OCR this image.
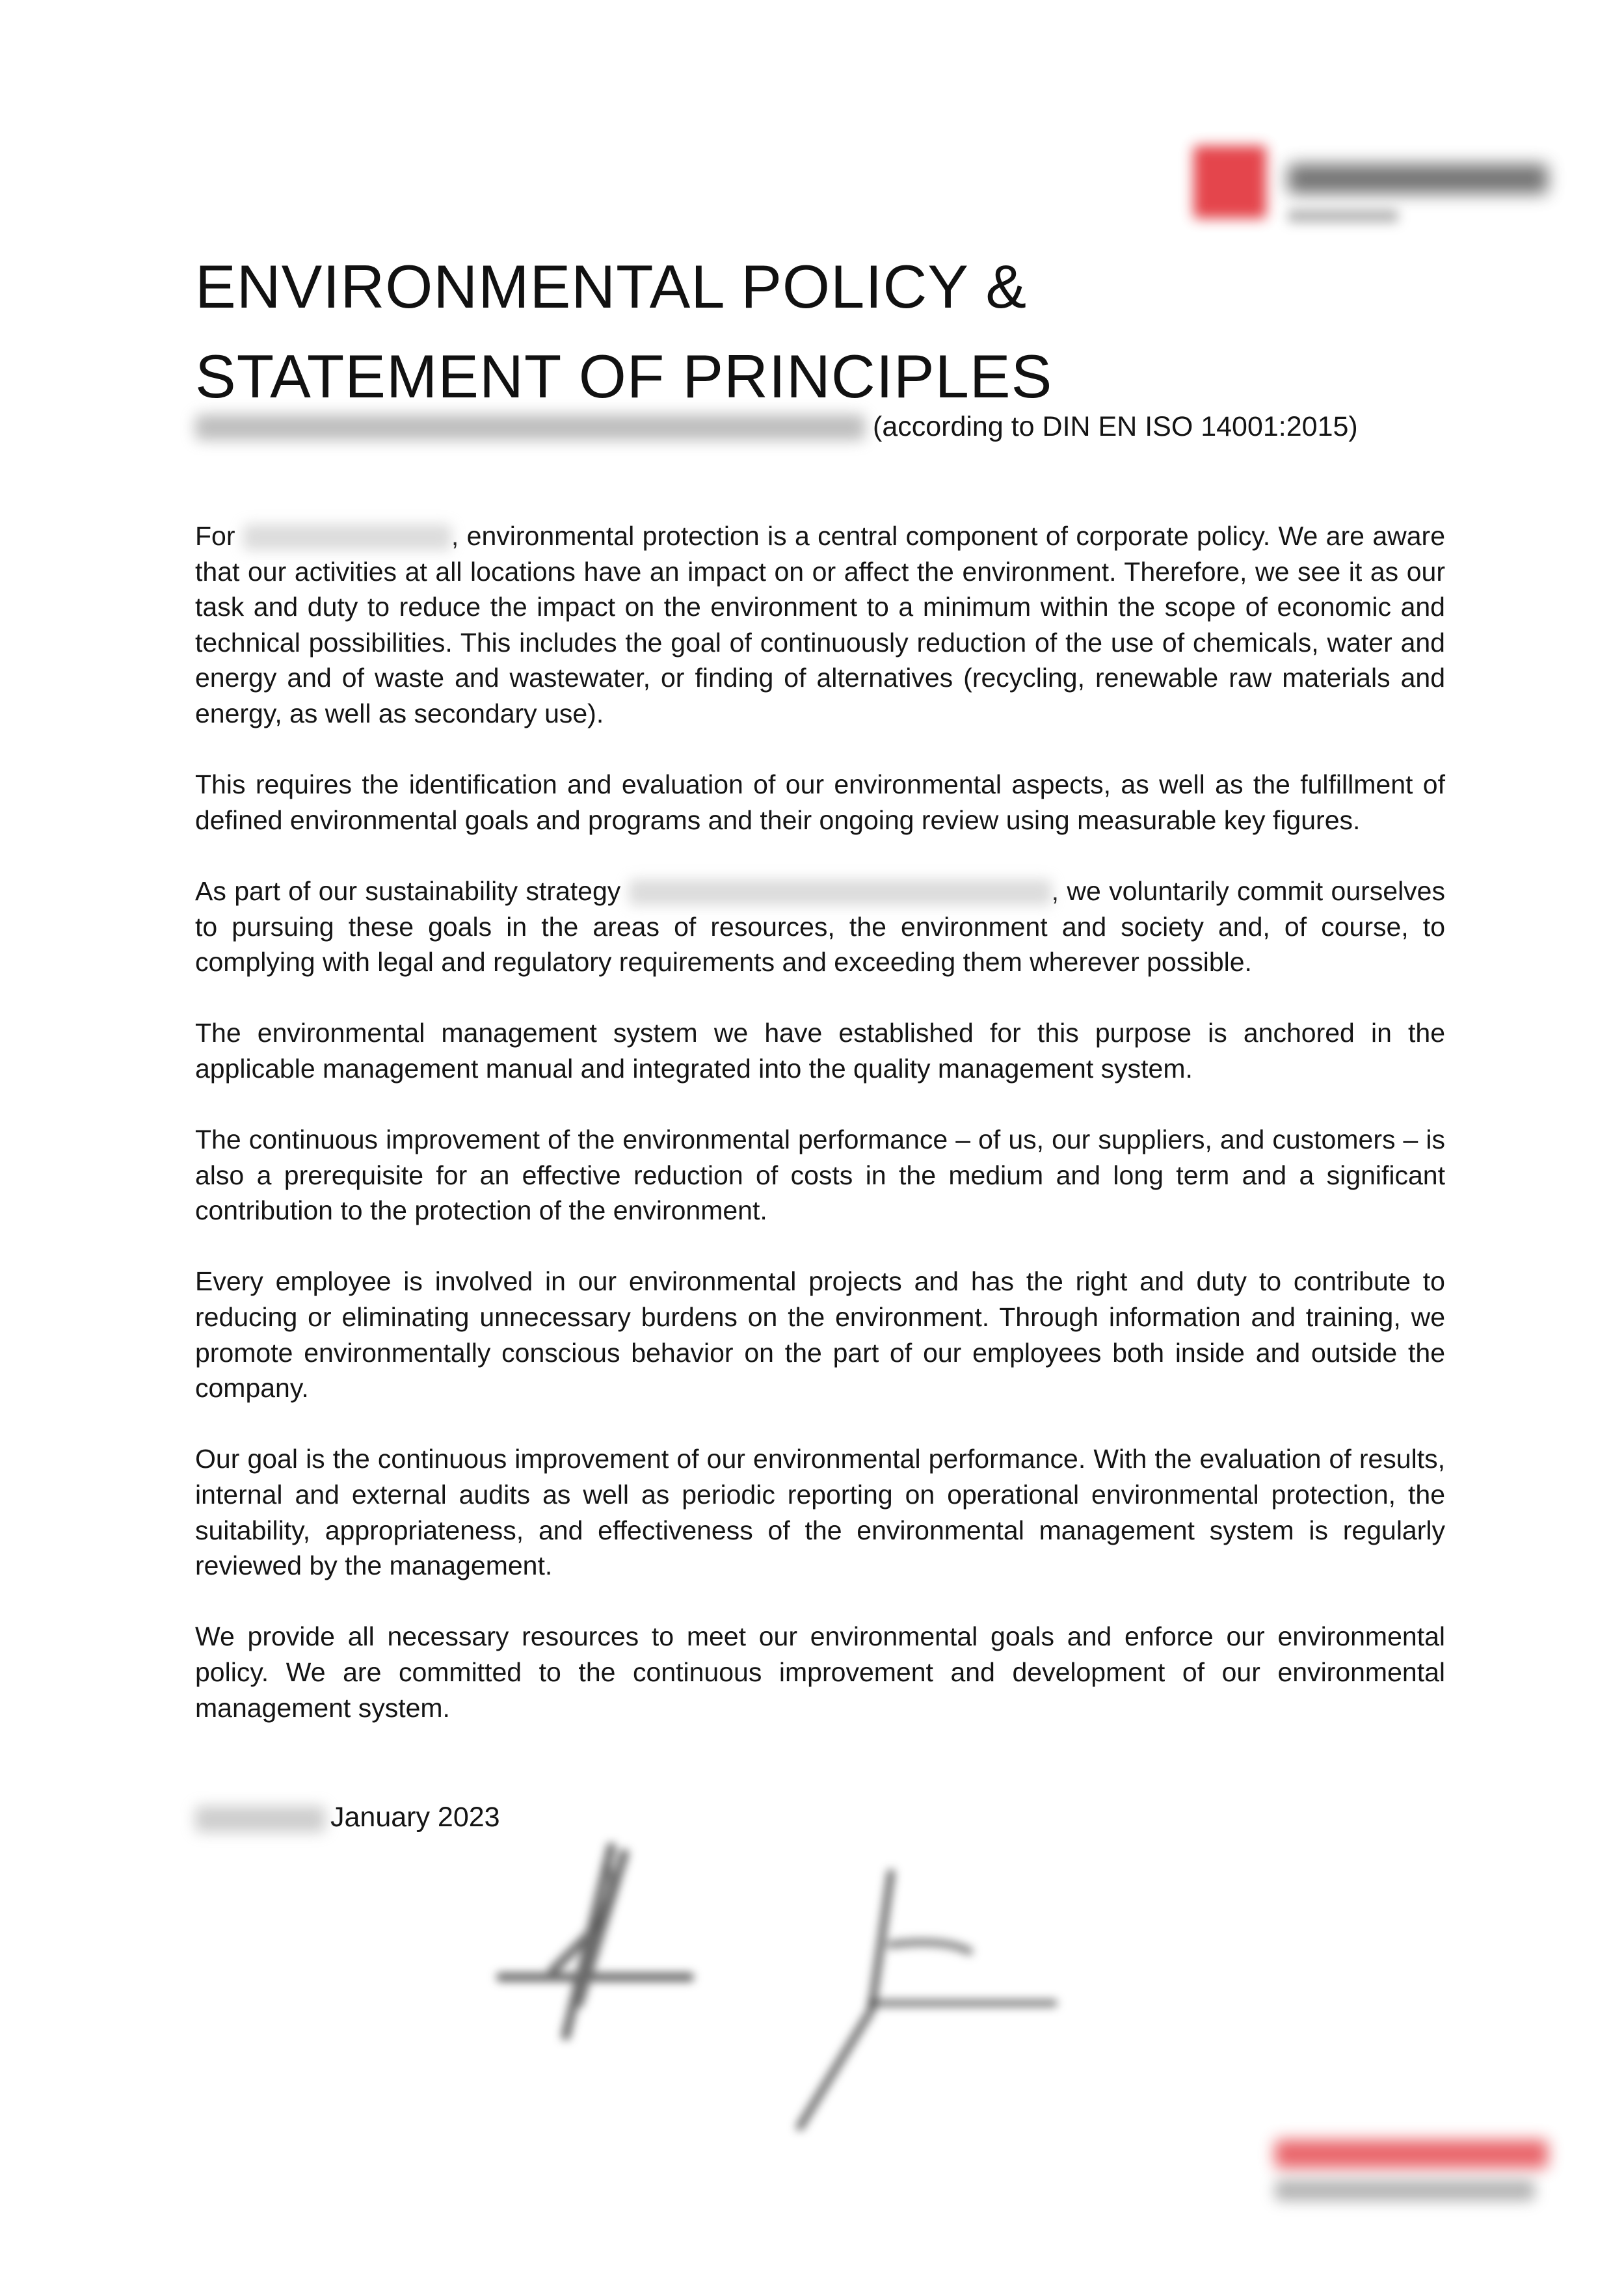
ENVIRONMENTAL POLICY &
STATEMENT OF PRINCIPLES
(according to DIN EN ISO 14001:2015)

For	, environmental protection is a central component of corporate policy. We are aware that our activities at all locations have an impact on or affect the environment. Therefore, we see it as our task and duty to reduce the impact on the environment to a minimum within the scope of economic and technical possibilities. This includes the goal of continuously reduction of the use of chemicals, water and energy and of waste and wastewater, or finding of alternatives (recycling, renewable raw materials and energy, as well as secondary use).

This requires the identification and evaluation of our environmental aspects, as well as the fulfillment of defined environmental goals and programs and their ongoing review using measurable key figures.

As part of our sustainability strategy	, we voluntarily commit ourselves to pursuing these goals in the areas of resources, the environment and society and, of course, to complying with legal and regulatory requirements and exceeding them wherever possible.

The environmental management system we have established for this purpose is anchored in the applicable management manual and integrated into the quality management system.

The continuous improvement of the environmental performance – of us, our suppliers, and customers – is also a prerequisite for an effective reduction of costs in the medium and long term and a significant contribution to the protection of the environment.

Every employee is involved in our environmental projects and has the right and duty to contribute to reducing or eliminating unnecessary burdens on the environment. Through information and training, we promote environmentally conscious behavior on the part of our employees both inside and outside the company.

Our goal is the continuous improvement of our environmental performance. With the evaluation of results, internal and external audits as well as periodic reporting on operational environmental protection, the suitability, appropriateness, and effectiveness of the environmental management system is regularly reviewed by the management.

We provide all necessary resources to meet our environmental goals and enforce our environmental policy. We are committed to the continuous improvement and development of our environmental management system.

January 2023
